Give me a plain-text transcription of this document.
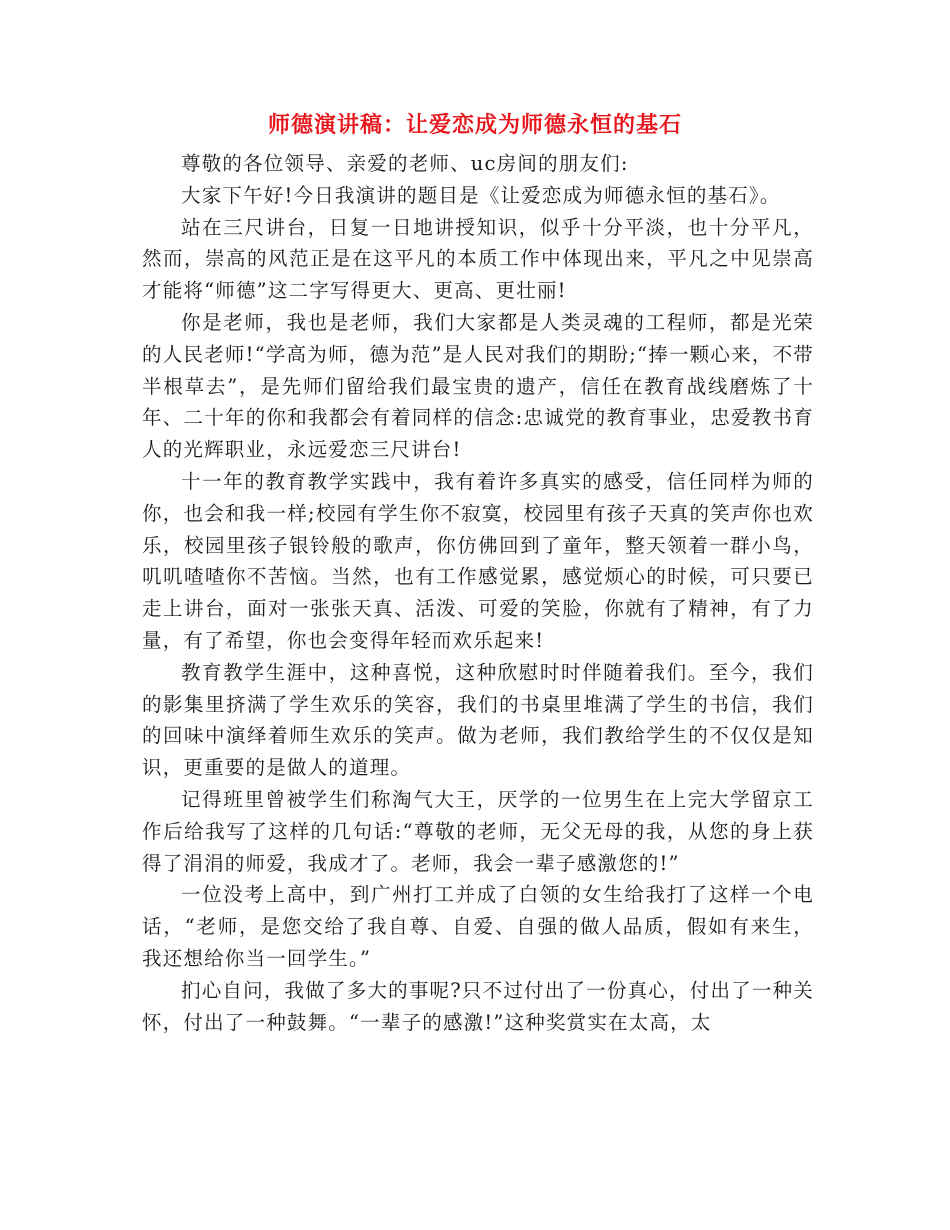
师德演讲稿：让爱恋成为师德永恒的基石

尊敬的各位领导、亲爱的老师、uc房间的朋友们:

大家下午好!今日我演讲的题目是《让爱恋成为师德永恒的基石》。

站在三尺讲台，日复一日地讲授知识，似乎十分平淡，也十分平凡，然而，崇高的风范正是在这平凡的本质工作中体现出来，平凡之中见崇高才能将“师德”这二字写得更大、更高、更壮丽!

你是老师，我也是老师，我们大家都是人类灵魂的工程师，都是光荣的人民老师!“学高为师，德为范”是人民对我们的期盼;“捧一颗心来，不带半根草去”，是先师们留给我们最宝贵的遗产，信任在教育战线磨炼了十年、二十年的你和我都会有着同样的信念:忠诚党的教育事业，忠爱教书育人的光辉职业，永远爱恋三尺讲台!

十一年的教育教学实践中，我有着许多真实的感受，信任同样为师的你，也会和我一样;校园有学生你不寂寞，校园里有孩子天真的笑声你也欢乐，校园里孩子银铃般的歌声，你仿佛回到了童年，整天领着一群小鸟，叽叽喳喳你不苦恼。当然，也有工作感觉累，感觉烦心的时候，可只要已走上讲台，面对一张张天真、活泼、可爱的笑脸，你就有了精神，有了力量，有了希望，你也会变得年轻而欢乐起来!

教育教学生涯中，这种喜悦，这种欣慰时时伴随着我们。至今，我们的影集里挤满了学生欢乐的笑容，我们的书桌里堆满了学生的书信，我们的回味中演绎着师生欢乐的笑声。做为老师，我们教给学生的不仅仅是知识，更重要的是做人的道理。

记得班里曾被学生们称淘气大王，厌学的一位男生在上完大学留京工作后给我写了这样的几句话:“尊敬的老师，无父无母的我，从您的身上获得了涓涓的师爱，我成才了。老师，我会一辈子感激您的!”

一位没考上高中，到广州打工并成了白领的女生给我打了这样一个电话，“老师，是您交给了我自尊、自爱、自强的做人品质，假如有来生，我还想给你当一回学生。”

扪心自问，我做了多大的事呢?只不过付出了一份真心，付出了一种关怀，付出了一种鼓舞。“一辈子的感激!”这种奖赏实在太高，太
